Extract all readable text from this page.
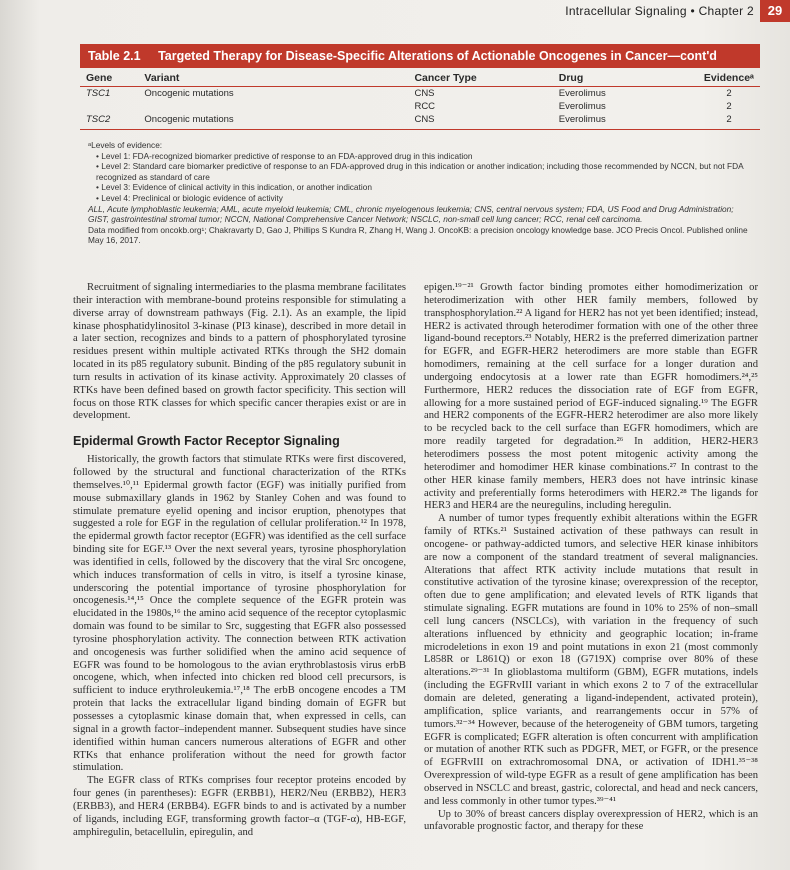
Intracellular Signaling • Chapter 2	29
Table 2.1 Targeted Therapy for Disease-Specific Alterations of Actionable Oncogenes in Cancer—cont'd
Gene	Variant	Cancer Type	Drug	Evidenceᵃ
TSC1	Oncogenic mutations	CNS	Everolimus	2
		RCC	Everolimus	2
TSC2	Oncogenic mutations	CNS	Everolimus	2
ᵃLevels of evidence:
• Level 1: FDA-recognized biomarker predictive of response to an FDA-approved drug in this indication
• Level 2: Standard care biomarker predictive of response to an FDA-approved drug in this indication or another indication; including those recommended by NCCN, but not FDA recognized as standard of care
• Level 3: Evidence of clinical activity in this indication, or another indication
• Level 4: Preclinical or biologic evidence of activity
ALL, Acute lymphoblastic leukemia; AML, acute myeloid leukemia; CML, chronic myelogenous leukemia; CNS, central nervous system; FDA, US Food and Drug Administration; GIST, gastrointestinal stromal tumor; NCCN, National Comprehensive Cancer Network; NSCLC, non-small cell lung cancer; RCC, renal cell carcinoma.
Data modified from oncokb.org¹; Chakravarty D, Gao J, Phillips S Kundra R, Zhang H, Wang J. OncoKB: a precision oncology knowledge base. JCO Precis Oncol. Published online May 16, 2017.

Recruitment of signaling intermediaries to the plasma membrane facilitates their interaction with membrane-bound proteins responsible for stimulating a diverse array of downstream pathways (Fig. 2.1). As an example, the lipid kinase phosphatidylinositol 3-kinase (PI3 kinase), described in more detail in a later section, recognizes and binds to a pattern of phosphorylated tyrosine residues present within multiple activated RTKs through the SH2 domain located in its p85 regulatory subunit. Binding of the p85 regulatory subunit in turn results in activation of its kinase activity. Approximately 20 classes of RTKs have been defined based on growth factor specificity. This section will focus on those RTK classes for which specific cancer therapies exist or are in development.

Epidermal Growth Factor Receptor Signaling

Historically, the growth factors that stimulate RTKs were first discovered, followed by the structural and functional characterization of the RTKs themselves.¹⁰,¹¹ Epidermal growth factor (EGF) was initially purified from mouse submaxillary glands in 1962 by Stanley Cohen and was found to stimulate premature eyelid opening and incisor eruption, phenotypes that suggested a role for EGF in the regulation of cellular proliferation.¹² In 1978, the epidermal growth factor receptor (EGFR) was identified as the cell surface binding site for EGF.¹³ Over the next several years, tyrosine phosphorylation was identified in cells, followed by the discovery that the viral Src oncogene, which induces transformation of cells in vitro, is itself a tyrosine kinase, underscoring the potential importance of tyrosine phosphorylation for oncogenesis.¹⁴,¹⁵ Once the complete sequence of the EGFR protein was elucidated in the 1980s,¹⁶ the amino acid sequence of the receptor cytoplasmic domain was found to be similar to Src, suggesting that EGFR also possessed tyrosine phosphorylation activity. The connection between RTK activation and oncogenesis was further solidified when the amino acid sequence of EGFR was found to be homologous to the avian erythroblastosis virus erbB oncogene, which, when infected into chicken red blood cell precursors, is sufficient to induce erythroleukemia.¹⁷,¹⁸ The erbB oncogene encodes a TM protein that lacks the extracellular ligand binding domain of EGFR but possesses a cytoplasmic kinase domain that, when expressed in cells, can signal in a growth factor–independent manner. Subsequent studies have since identified within human cancers numerous alterations of EGFR and other RTKs that enhance proliferation without the need for growth factor stimulation.

The EGFR class of RTKs comprises four receptor proteins encoded by four genes (in parentheses): EGFR (ERBB1), HER2/Neu (ERBB2), HER3 (ERBB3), and HER4 (ERBB4). EGFR binds to and is activated by a number of ligands, including EGF, transforming growth factor–α (TGF-α), HB-EGF, amphiregulin, betacellulin, epiregulin, and

epigen.¹⁹⁻²¹ Growth factor binding promotes either homodimerization or heterodimerization with other HER family members, followed by transphosphorylation.²² A ligand for HER2 has not yet been identified; instead, HER2 is activated through heterodimer formation with one of the other three ligand-bound receptors.²³ Notably, HER2 is the preferred dimerization partner for EGFR, and EGFR-HER2 heterodimers are more stable than EGFR homodimers, remaining at the cell surface for a longer duration and undergoing endocytosis at a lower rate than EGFR homodimers.²⁴,²⁵ Furthermore, HER2 reduces the dissociation rate of EGF from EGFR, allowing for a more sustained period of EGF-induced signaling.¹⁹ The EGFR and HER2 components of the EGFR-HER2 heterodimer are also more likely to be recycled back to the cell surface than EGFR homodimers, which are more readily targeted for degradation.²⁶ In addition, HER2-HER3 heterodimers possess the most potent mitogenic activity among the heterodimer and homodimer HER kinase combinations.²⁷ In contrast to the other HER kinase family members, HER3 does not have intrinsic kinase activity and preferentially forms heterodimers with HER2.²⁸ The ligands for HER3 and HER4 are the neuregulins, including heregulin.

A number of tumor types frequently exhibit alterations within the EGFR family of RTKs.²¹ Sustained activation of these pathways can result in oncogene- or pathway-addicted tumors, and selective HER kinase inhibitors are now a component of the standard treatment of several malignancies. Alterations that affect RTK activity include mutations that result in constitutive activation of the tyrosine kinase; overexpression of the receptor, often due to gene amplification; and elevated levels of RTK ligands that stimulate signaling. EGFR mutations are found in 10% to 25% of non–small cell lung cancers (NSCLCs), with variation in the frequency of such alterations influenced by ethnicity and geographic location; in-frame microdeletions in exon 19 and point mutations in exon 21 (most commonly L858R or L861Q) or exon 18 (G719X) comprise over 80% of these alterations.²⁹⁻³¹ In glioblastoma multiform (GBM), EGFR mutations, indels (including the EGFRvIII variant in which exons 2 to 7 of the extracellular domain are deleted, generating a ligand-independent, activated protein), amplification, splice variants, and rearrangements occur in 57% of tumors.³²⁻³⁴ However, because of the heterogeneity of GBM tumors, targeting EGFR is complicated; EGFR alteration is often concurrent with amplification or mutation of another RTK such as PDGFR, MET, or FGFR, or the presence of EGFRvIII on extrachromosomal DNA, or activation of IDH1.³⁵⁻³⁸ Overexpression of wild-type EGFR as a result of gene amplification has been observed in NSCLC and breast, gastric, colorectal, and head and neck cancers, and less commonly in other tumor types.³⁹⁻⁴¹

Up to 30% of breast cancers display overexpression of HER2, which is an unfavorable prognostic factor, and therapy for these
